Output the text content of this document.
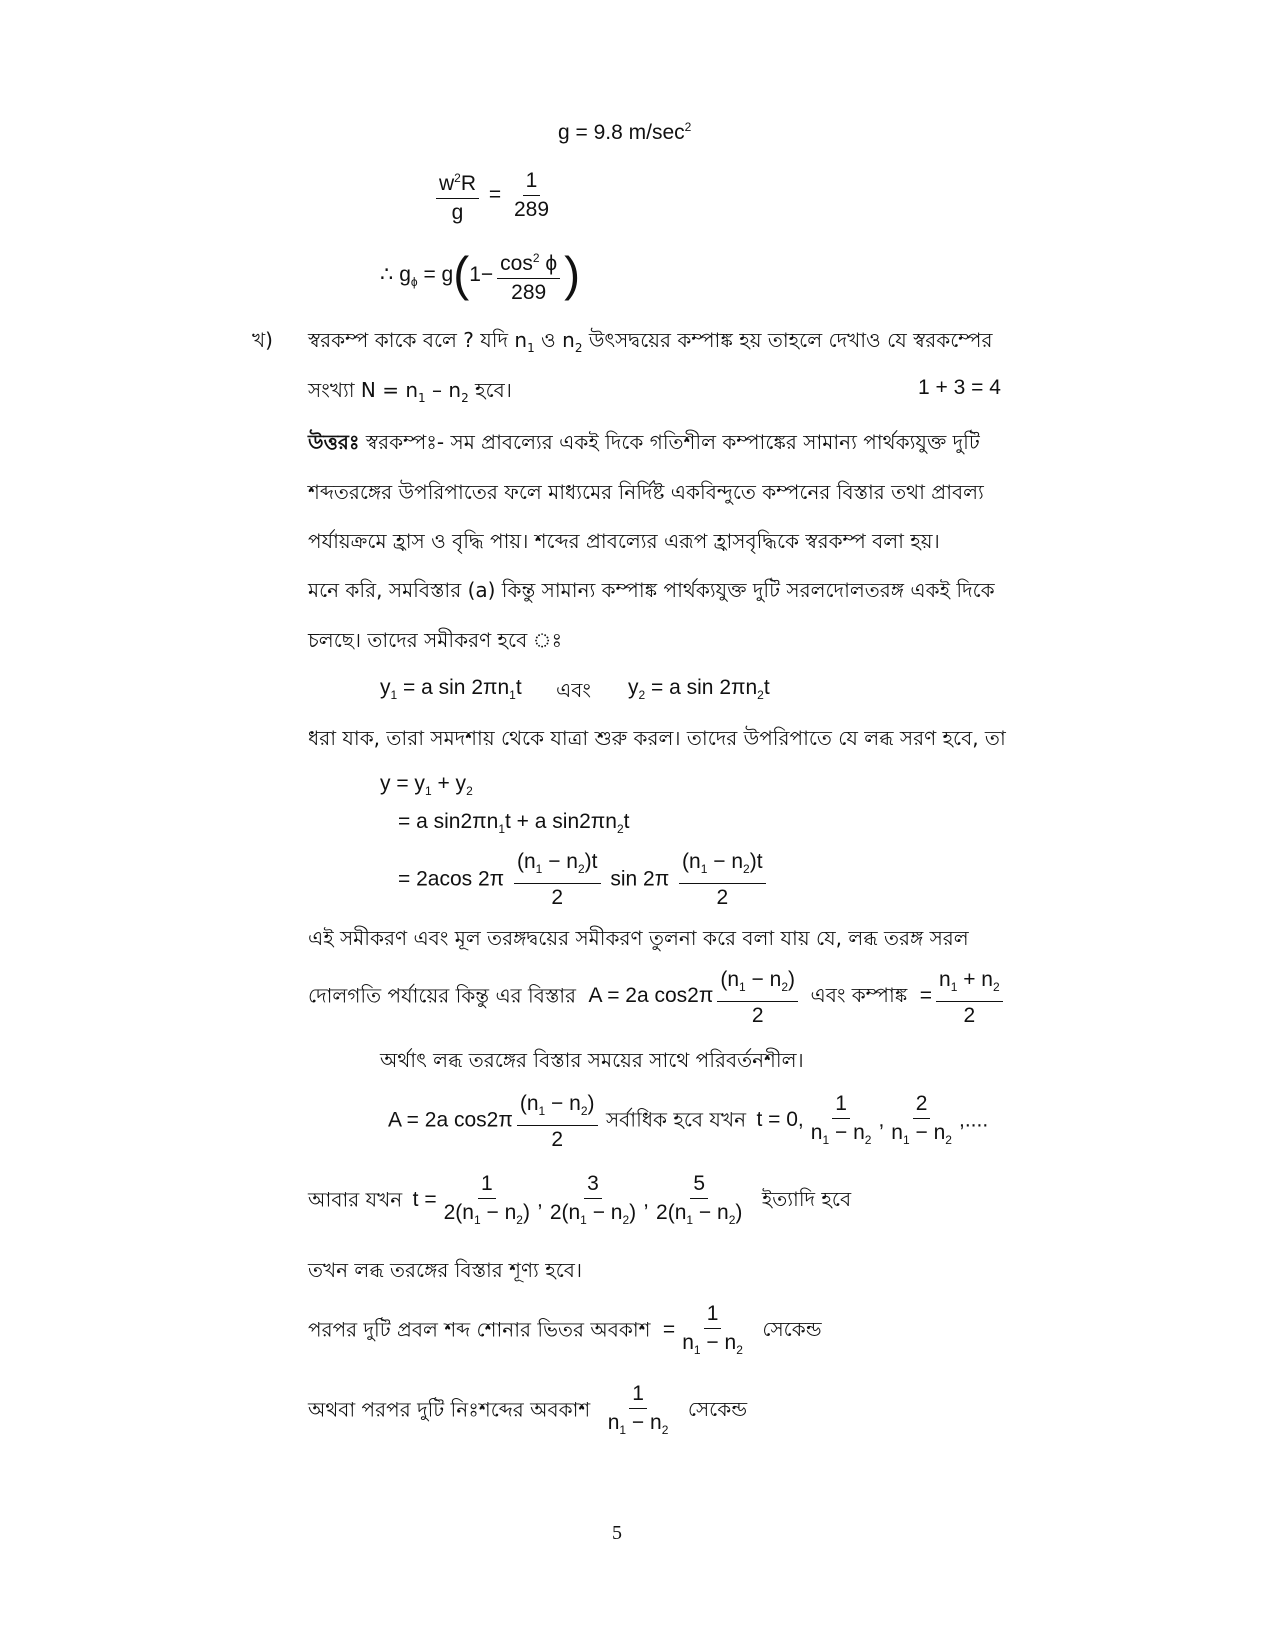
g = 9.8 $m/\sec^2$
$\frac{w^2R}{g} = \frac{1}{289}$
∴ $g_\phi = g(1- \frac{\cos^2 \phi}{289}$ )
খ) স্বরকম্প কাকে বলে ? যদি $n_1$ ও $n_2$ উৎসদ্বয়ের কম্পাঙ্ক হয় তাহলে দেখাও যে স্বরকম্পের
সংখ্যা $N = n_1 - n_2$ হবে।	1 + 3 = 4
উত্তরঃ স্বরকম্পঃ- সম প্রাবল্যের একই দিকে গতিশীল কম্পাঙ্কের সামান্য পার্থক্যযুক্ত দুটি
শব্দতরঙ্গের উপরিপাতের ফলে মাধ্যমের নির্দিষ্ট একবিন্দুতে কম্পনের বিস্তার তথা প্রাবল্য
পর্যায়ক্রমে হ্রাস ও বৃদ্ধি পায়। শব্দের প্রাবল্যের এরূপ হ্রাসবৃদ্ধিকে স্বরকম্প বলা হয়।
মনে করি, সমবিস্তার (a) কিন্তু সামান্য কম্পাঙ্ক পার্থক্যযুক্ত দুটি সরলদোলতরঙ্গ একই দিকে
চলছে। তাদের সমীকরণ হবে ঃ
$y_1 = a$ $\sin 2\pi n_1t$ এবং $y_2 = a$ $\sin 2\pi n_2t$
ধরা যাক, তারা সমদশায় থেকে যাত্রা শুরু করল। তাদের উপরিপাতে যে লব্ধ সরণ হবে, তা
$y = y_1 + y_2$
= a $\sin 2\pi n_1t + a$ $\sin 2\pi n_2t$
= 2acos $2\pi \frac{(n_1 - n_2)t}{2}$ $\sin 2\pi \frac{(n_1 - n_2)t}{2}$
এই সমীকরণ এবং মূল তরঙ্গদ্বয়ের সমীকরণ তুলনা করে বলা যায় যে, লব্ধ তরঙ্গ সরল
দোলগতি পর্যায়ের কিন্তু এর বিস্তার A = 2a $\cos 2\pi \frac{(n_1 - n_2)}{2}$ এবং কম্পাঙ্ক = $\frac{n_1 + n_2}{2}$
অর্থাৎ লব্ধ তরঙ্গের বিস্তার সময়ের সাথে পরিবর্তনশীল।
A = 2a $\cos 2\pi \frac{(n_1 - n_2)}{2}$ সর্বাধিক হবে যখন t = 0, $\frac{1}{n_1 - n_2}$ , $\frac{2}{n_1 - n_2}$ ,....
আবার যখন $t = \frac{1}{2(n_1 - n_2)}$ , $\frac{3}{2(n_1 - n_2)}$ , $\frac{5}{2(n_1 - n_2)}$ ইত্যাদি হবে
তখন লব্ধ তরঙ্গের বিস্তার শূণ্য হবে।
পরপর দুটি প্রবল শব্দ শোনার ভিতর অবকাশ = $\frac{1}{n_1 - n_2}$ সেকেন্ড
অথবা পরপর দুটি নিঃশব্দের অবকাশ $\frac{1}{n_1 - n_2}$ সেকেন্ড
5
